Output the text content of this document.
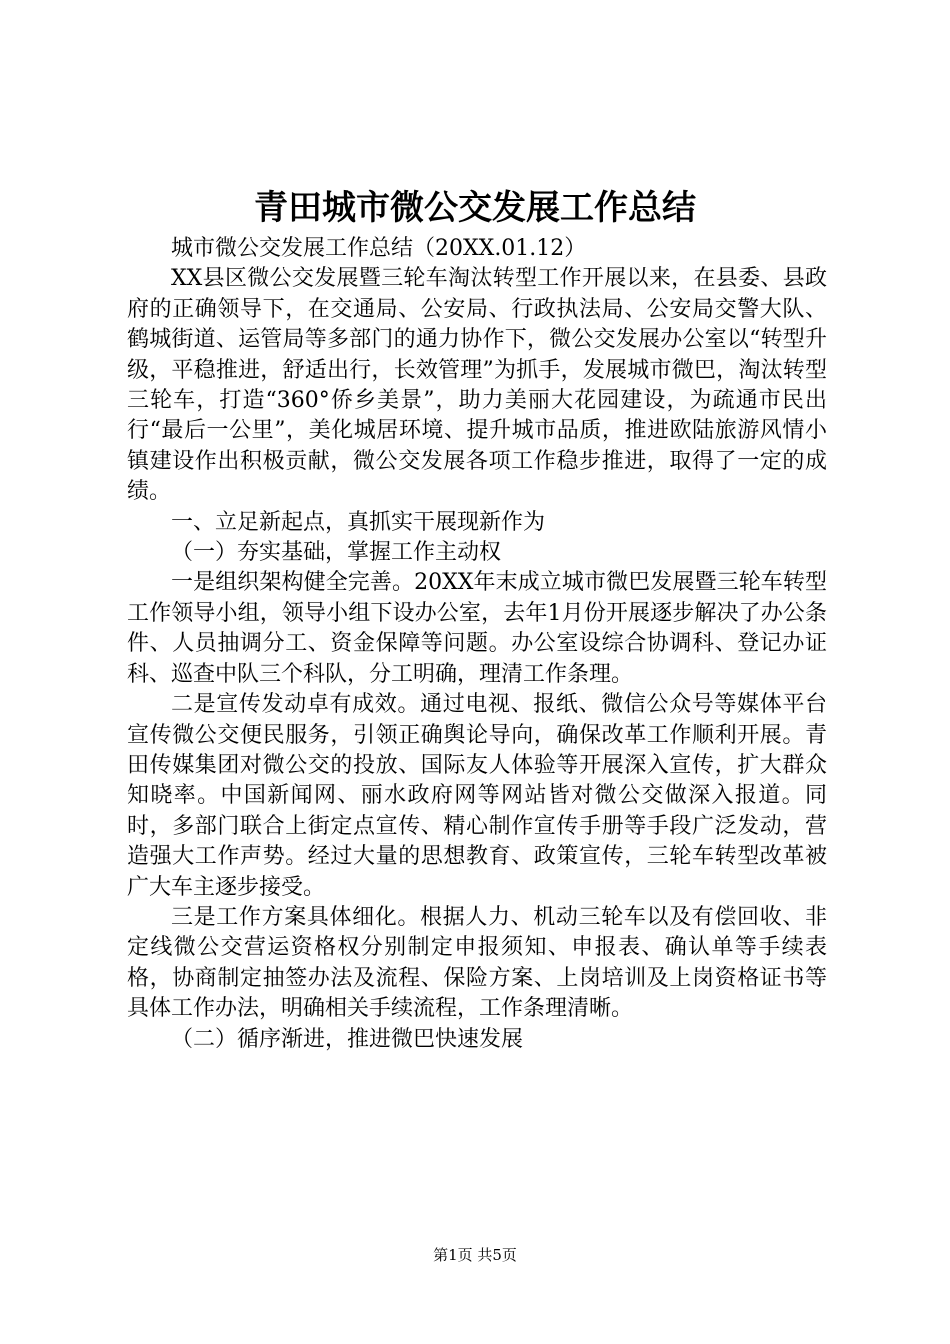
青田城市微公交发展工作总结

城市微公交发展工作总结（20XX.01.12）

XX县区微公交发展暨三轮车淘汰转型工作开展以来，在县委、县政府的正确领导下，在交通局、公安局、行政执法局、公安局交警大队、鹤城街道、运管局等多部门的通力协作下，微公交发展办公室以“转型升级，平稳推进，舒适出行，长效管理”为抓手，发展城市微巴，淘汰转型三轮车，打造“360°侨乡美景”，助力美丽大花园建设，为疏通市民出行“最后一公里”，美化城居环境、提升城市品质，推进欧陆旅游风情小镇建设作出积极贡献，微公交发展各项工作稳步推进，取得了一定的成绩。

一、立足新起点，真抓实干展现新作为

（一）夯实基础，掌握工作主动权

一是组织架构健全完善。20XX年末成立城市微巴发展暨三轮车转型工作领导小组，领导小组下设办公室，去年1月份开展逐步解决了办公条件、人员抽调分工、资金保障等问题。办公室设综合协调科、登记办证科、巡查中队三个科队，分工明确，理清工作条理。

二是宣传发动卓有成效。通过电视、报纸、微信公众号等媒体平台宣传微公交便民服务，引领正确舆论导向，确保改革工作顺利开展。青田传媒集团对微公交的投放、国际友人体验等开展深入宣传，扩大群众知晓率。中国新闻网、丽水政府网等网站皆对微公交做深入报道。同时，多部门联合上街定点宣传、精心制作宣传手册等手段广泛发动，营造强大工作声势。经过大量的思想教育、政策宣传，三轮车转型改革被广大车主逐步接受。

三是工作方案具体细化。根据人力、机动三轮车以及有偿回收、非定线微公交营运资格权分别制定申报须知、申报表、确认单等手续表格，协商制定抽签办法及流程、保险方案、上岗培训及上岗资格证书等具体工作办法，明确相关手续流程，工作条理清晰。

（二）循序渐进，推进微巴快速发展

第1页 共5页
